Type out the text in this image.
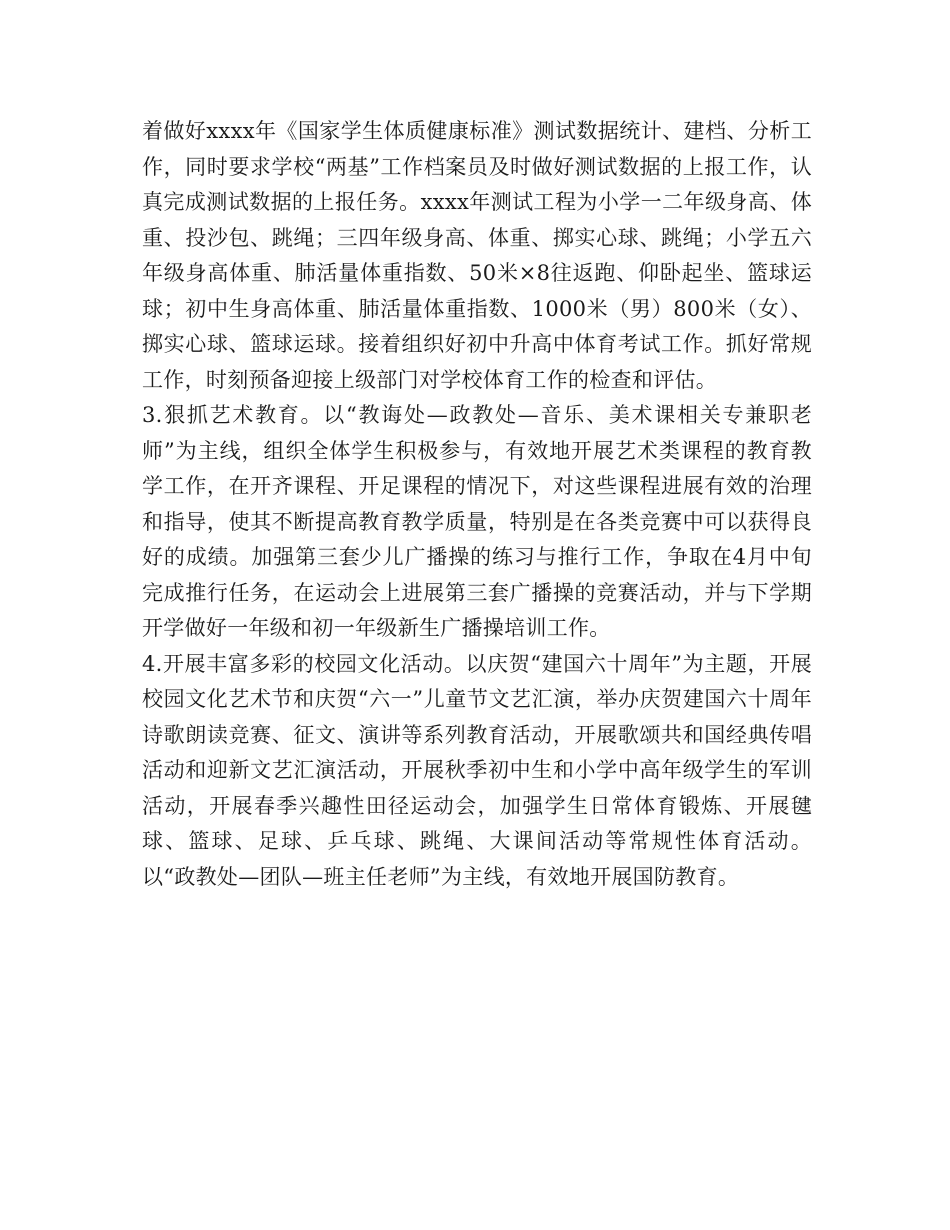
着做好xxxx年《国家学生体质健康标准》测试数据统计、建档、分析工作，同时要求学校“两基”工作档案员及时做好测试数据的上报工作，认真完成测试数据的上报任务。xxxx年测试工程为小学一二年级身高、体重、投沙包、跳绳；三四年级身高、体重、掷实心球、跳绳；小学五六年级身高体重、肺活量体重指数、50米×8往返跑、仰卧起坐、篮球运球；初中生身高体重、肺活量体重指数、1000米（男）800米（女）、掷实心球、篮球运球。接着组织好初中升高中体育考试工作。抓好常规工作，时刻预备迎接上级部门对学校体育工作的检查和评估。

3.狠抓艺术教育。以“教诲处—政教处—音乐、美术课相关专兼职老师”为主线，组织全体学生积极参与，有效地开展艺术类课程的教育教学工作，在开齐课程、开足课程的情况下，对这些课程进展有效的治理和指导，使其不断提高教育教学质量，特别是在各类竞赛中可以获得良好的成绩。加强第三套少儿广播操的练习与推行工作，争取在4月中旬完成推行任务，在运动会上进展第三套广播操的竞赛活动，并与下学期开学做好一年级和初一年级新生广播操培训工作。

4.开展丰富多彩的校园文化活动。以庆贺“建国六十周年”为主题，开展校园文化艺术节和庆贺“六一”儿童节文艺汇演，举办庆贺建国六十周年诗歌朗读竞赛、征文、演讲等系列教育活动，开展歌颂共和国经典传唱活动和迎新文艺汇演活动，开展秋季初中生和小学中高年级学生的军训活动，开展春季兴趣性田径运动会，加强学生日常体育锻炼、开展毽球、篮球、足球、乒乓球、跳绳、大课间活动等常规性体育活动。以“政教处—团队—班主任老师”为主线，有效地开展国防教育。
